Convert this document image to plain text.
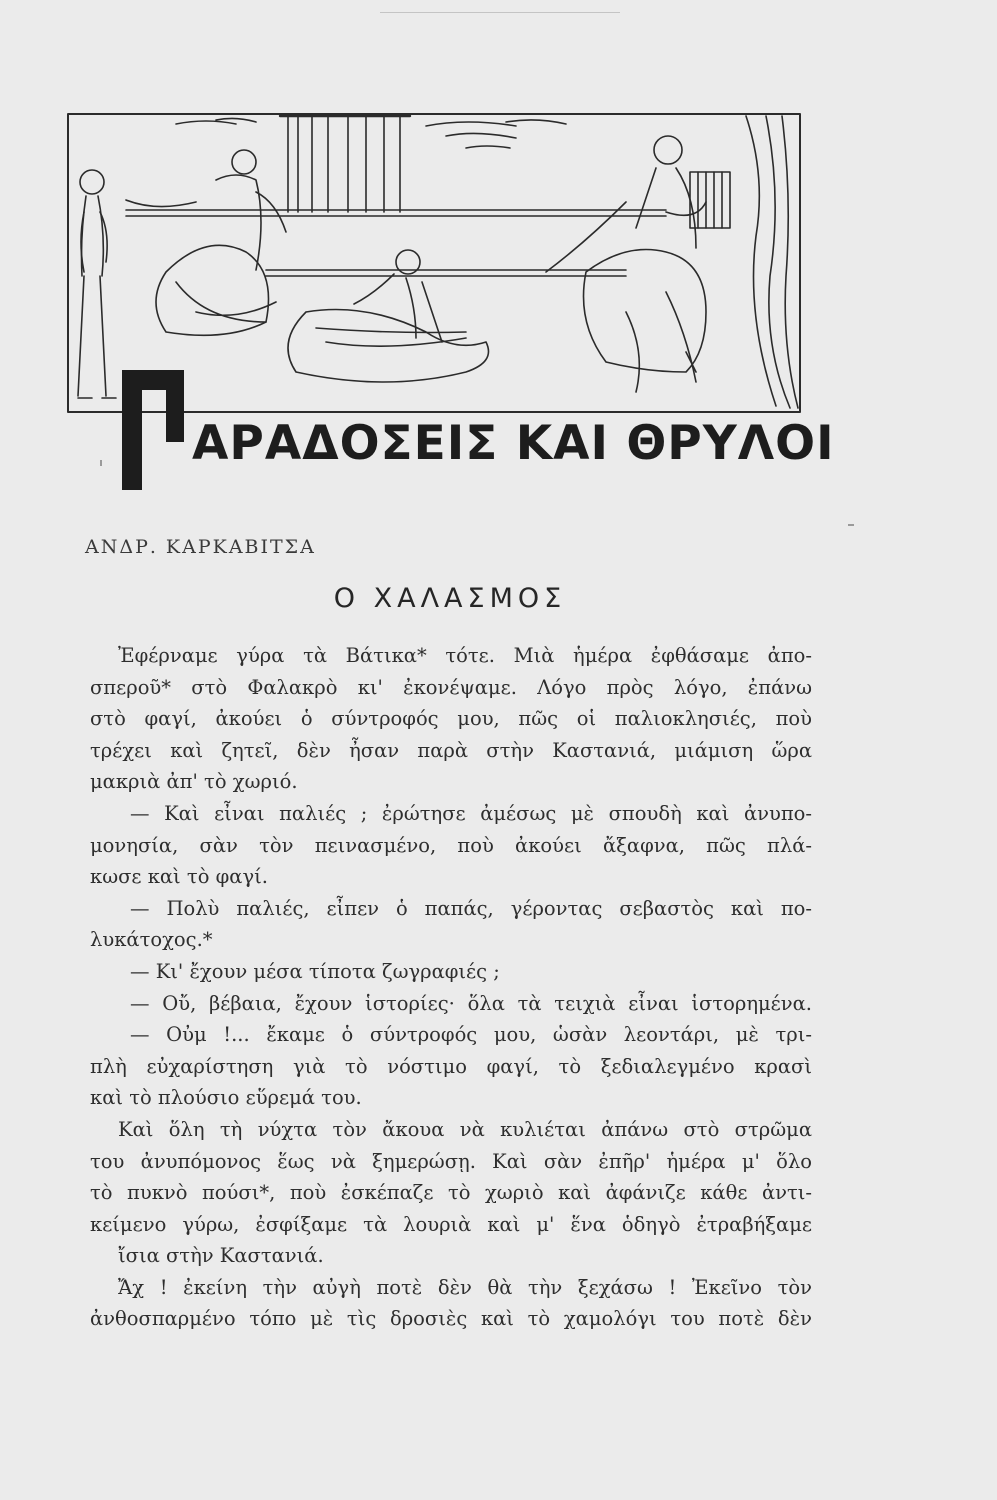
ΑΡΑΔΟΣΕΙΣ ΚΑΙ ΘΡΥΛΟΙ
ΑΝΔΡ. ΚΑΡΚΑΒΙΤΣΑ
Ο ΧΑΛΑΣΜΟΣ
Ἐφέρναμε γύρα τὰ Βάτικα* τότε. Μιὰ ἡμέρα ἐφθάσαμε ἀπο-
σπεροῦ* στὸ Φαλακρὸ κι' ἐκονέψαμε. Λόγο πρὸς λόγο, ἐπάνω
στὸ φαγί, ἀκούει ὁ σύντροφός μου, πῶς οἱ παλιοκλησιές, ποὺ
τρέχει καὶ ζητεῖ, δὲν ἦσαν παρὰ στὴν Καστανιά, μιάμιση ὥρα
μακριὰ ἀπ' τὸ χωριό.
— Καὶ εἶναι παλιές ; ἐρώτησε ἀμέσως μὲ σπουδὴ καὶ ἀνυπο-
μονησία, σὰν τὸν πεινασμένο, ποὺ ἀκούει ἄξαφνα, πῶς πλά-
κωσε καὶ τὸ φαγί.
— Πολὺ παλιές, εἶπεν ὁ παπάς, γέροντας σεβαστὸς καὶ πο-
λυκάτοχος.*
— Κι' ἔχουν μέσα τίποτα ζωγραφιές ;
— Οὔ, βέβαια, ἔχουν ἱστορίες· ὅλα τὰ τειχιὰ εἶναι ἱστορημένα.
— Οὐμ !... ἔκαμε ὁ σύντροφός μου, ὡσὰν λεοντάρι, μὲ τρι-
πλὴ εὐχαρίστηση γιὰ τὸ νόστιμο φαγί, τὸ ξεδιαλεγμένο κρασὶ
καὶ τὸ πλούσιο εὕρεμά του.
Καὶ ὅλη τὴ νύχτα τὸν ἄκουα νὰ κυλιέται ἀπάνω στὸ στρῶμα
του ἀνυπόμονος ἕως νὰ ξημερώσῃ. Καὶ σὰν ἐπῆρ' ἡμέρα μ' ὅλο
τὸ πυκνὸ πούσι*, ποὺ ἐσκέπαζε τὸ χωριὸ καὶ ἀφάνιζε κάθε ἀντι-
κείμενο γύρω, ἐσφίξαμε τὰ λουριὰ καὶ μ' ἕνα ὁδηγὸ ἐτραβήξαμε
ἴσια στὴν Καστανιά.
Ἄχ ! ἐκείνη τὴν αὐγὴ ποτὲ δὲν θὰ τὴν ξεχάσω ! Ἐκεῖνο τὸν
ἀνθοσπαρμένο τόπο μὲ τὶς δροσιὲς καὶ τὸ χαμολόγι του ποτὲ δὲν
